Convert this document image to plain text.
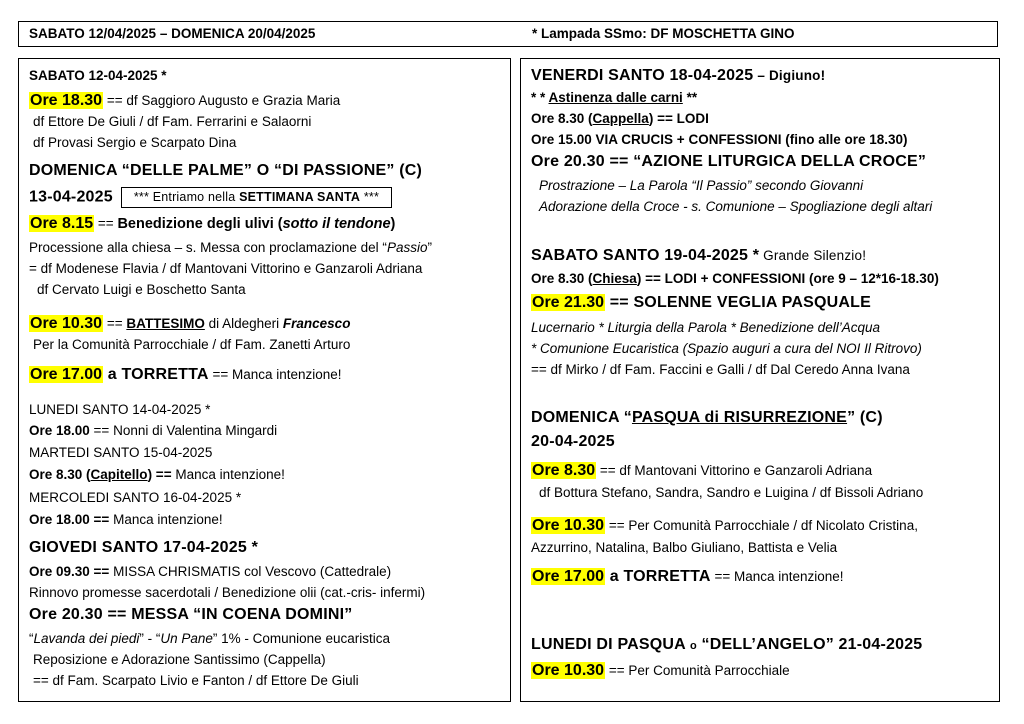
SABATO 12/04/2025 – DOMENICA 20/04/2025	* Lampada SSmo: DF MOSCHETTA GINO
SABATO 12-04-2025 *
Ore 18.30 == df Saggioro Augusto e Grazia Maria
df Ettore De Giuli / df Fam. Ferrarini e Salaorni
df Provasi Sergio e Scarpato Dina
DOMENICA “DELLE PALME” O “DI PASSIONE” (C)
13-04-2025 *** Entriamo nella SETTIMANA SANTA ***
Ore 8.15 == Benedizione degli ulivi (sotto il tendone)
Processione alla chiesa – s. Messa con proclamazione del “Passio”
= df Modenese Flavia / df Mantovani Vittorino e Ganzaroli Adriana
df Cervato Luigi e Boschetto Santa
Ore 10.30 == BATTESIMO di Aldegheri Francesco
Per la Comunità Parrocchiale / df Fam. Zanetti Arturo
Ore 17.00 a TORRETTA == Manca intenzione!
LUNEDI SANTO 14-04-2025 *
Ore 18.00 == Nonni di Valentina Mingardi
MARTEDI SANTO 15-04-2025
Ore 8.30 (Capitello) == Manca intenzione!
MERCOLEDI SANTO 16-04-2025 *
Ore 18.00 == Manca intenzione!
GIOVEDI SANTO 17-04-2025 *
Ore 09.30 == MISSA CHRISMATIS col Vescovo (Cattedrale)
Rinnovo promesse sacerdotali / Benedizione olii (cat.-cris- infermi)
Ore 20.30 == MESSA “IN COENA DOMINI”
“Lavanda dei piedi” - “Un Pane” 1% - Comunione eucaristica
Reposizione e Adorazione Santissimo (Cappella)
== df Fam. Scarpato Livio e Fanton / df Ettore De Giuli
VENERDI SANTO 18-04-2025 – Digiuno!
* * Astinenza dalle carni **
Ore 8.30 (Cappella) == LODI
Ore 15.00 VIA CRUCIS + CONFESSIONI (fino alle ore 18.30)
Ore 20.30 == “AZIONE LITURGICA DELLA CROCE”
Prostrazione – La Parola “Il Passio” secondo Giovanni
Adorazione della Croce - s. Comunione – Spogliazione degli altari
SABATO SANTO 19-04-2025 * Grande Silenzio!
Ore 8.30 (Chiesa) == LODI + CONFESSIONI (ore 9 – 12*16-18.30)
Ore 21.30 == SOLENNE VEGLIA PASQUALE
Lucernario * Liturgia della Parola * Benedizione dell’Acqua
* Comunione Eucaristica (Spazio auguri a cura del NOI Il Ritrovo)
== df Mirko / df Fam. Faccini e Galli / df Dal Ceredo Anna Ivana
DOMENICA “PASQUA di RISURREZIONE” (C)
20-04-2025
Ore 8.30 == df Mantovani Vittorino e Ganzaroli Adriana
df Bottura Stefano, Sandra, Sandro e Luigina / df Bissoli Adriano
Ore 10.30 == Per Comunità Parrocchiale / df Nicolato Cristina,
Azzurrino, Natalina, Balbo Giuliano, Battista e Velia
Ore 17.00 a TORRETTA == Manca intenzione!
LUNEDI DI PASQUA o “DELL’ANGELO” 21-04-2025
Ore 10.30 == Per Comunità Parrocchiale
